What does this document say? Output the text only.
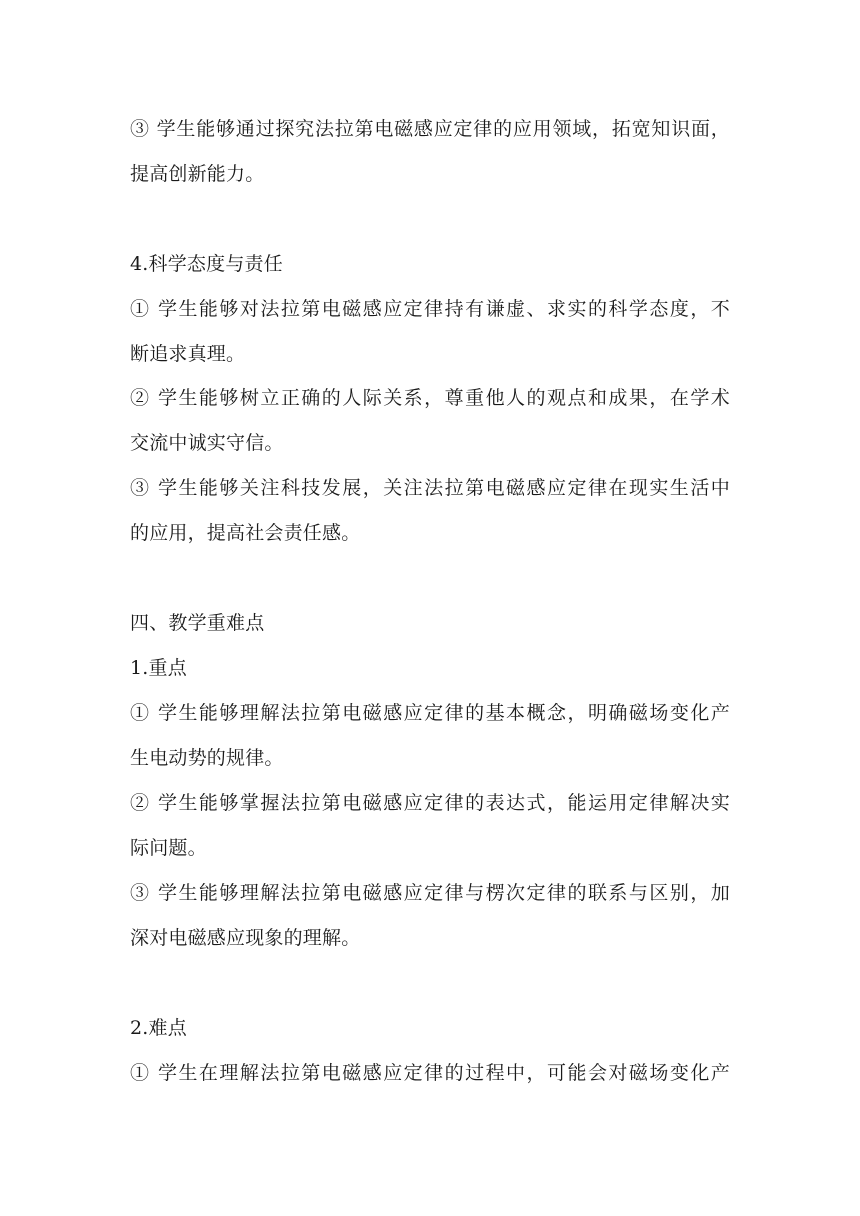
③ 学生能够通过探究法拉第电磁感应定律的应用领域，拓宽知识面，
提高创新能力。
4.科学态度与责任
① 学生能够对法拉第电磁感应定律持有谦虚、求实的科学态度，不
断追求真理。
② 学生能够树立正确的人际关系，尊重他人的观点和成果，在学术
交流中诚实守信。
③ 学生能够关注科技发展，关注法拉第电磁感应定律在现实生活中
的应用，提高社会责任感。
四、教学重难点
1.重点
① 学生能够理解法拉第电磁感应定律的基本概念，明确磁场变化产
生电动势的规律。
② 学生能够掌握法拉第电磁感应定律的表达式，能运用定律解决实
际问题。
③ 学生能够理解法拉第电磁感应定律与楞次定律的联系与区别，加
深对电磁感应现象的理解。
2.难点
① 学生在理解法拉第电磁感应定律的过程中，可能会对磁场变化产
